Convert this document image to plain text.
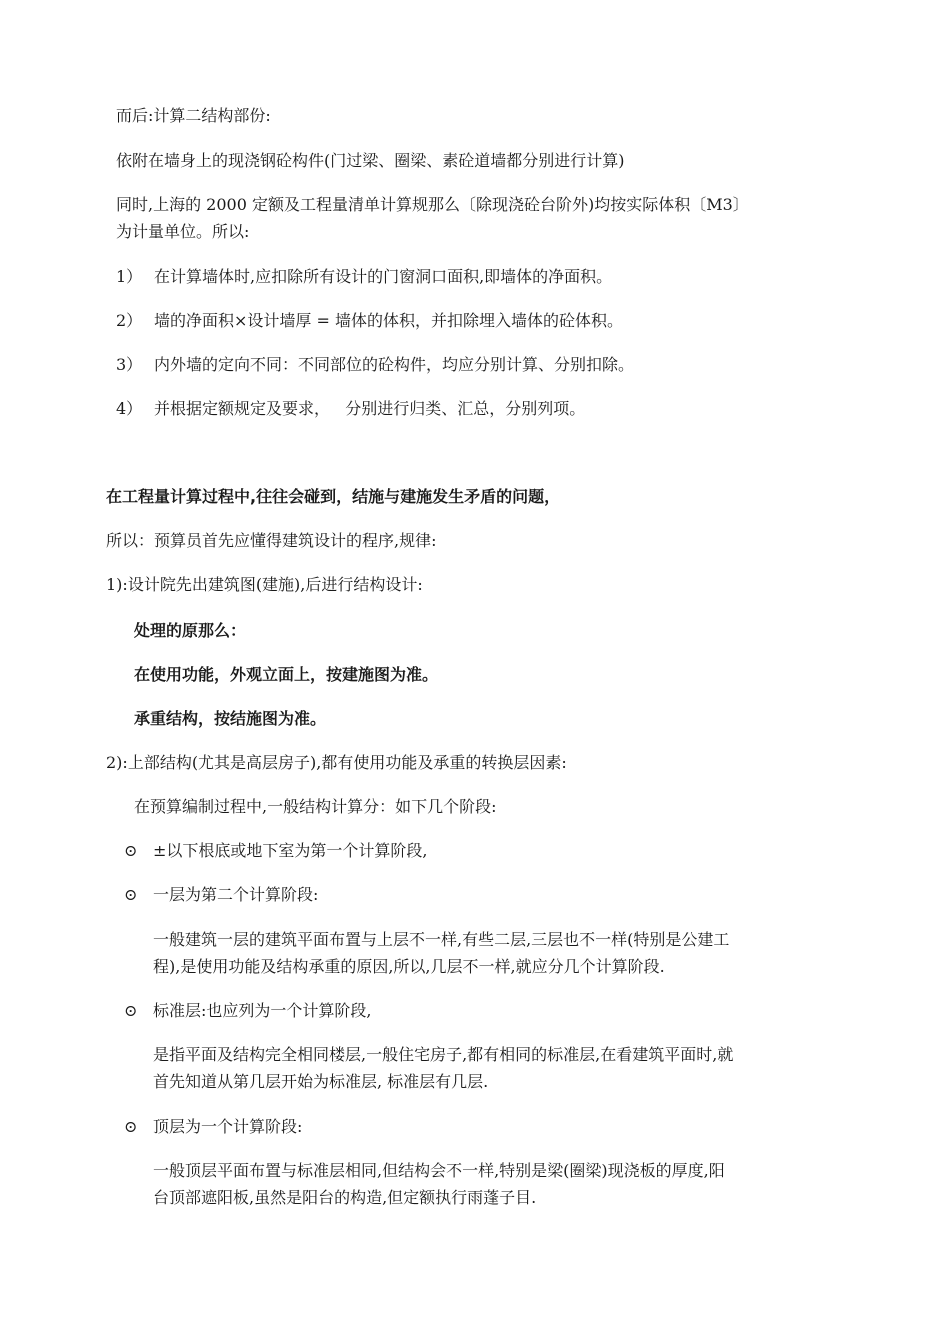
而后:计算二结构部份:
依附在墙身上的现浇钢砼构件(门过梁、圈梁、素砼道墙都分别进行计算)
同时,上海的 2000 定额及工程量清单计算规那么〔除现浇砼台阶外)均按实际体积〔M3〕
为计量单位。所以:
1） 在计算墙体时,应扣除所有设计的门窗洞口面积,即墙体的净面积。
2） 墙的净面积×设计墙厚 = 墙体的体积，并扣除埋入墙体的砼体积。
3） 内外墙的定向不同：不同部位的砼构件，均应分别计算、分别扣除。
4） 并根据定额规定及要求，   分别进行归类、汇总，分别列项。
在工程量计算过程中,往往会碰到，结施与建施发生矛盾的问题，
所以：预算员首先应懂得建筑设计的程序,规律:
1):设计院先出建筑图(建施),后进行结构设计:
处理的原那么：
在使用功能，外观立面上，按建施图为准。
承重结构，按结施图为准。
2):上部结构(尤其是高层房子),都有使用功能及承重的转换层因素:
在预算编制过程中,一般结构计算分：如下几个阶段:
⊙ ±以下根底或地下室为第一个计算阶段,
⊙ 一层为第二个计算阶段:
一般建筑一层的建筑平面布置与上层不一样,有些二层,三层也不一样(特别是公建工
程),是使用功能及结构承重的原因,所以,几层不一样,就应分几个计算阶段.
⊙ 标准层:也应列为一个计算阶段,
是指平面及结构完全相同楼层,一般住宅房子,都有相同的标准层,在看建筑平面时,就
首先知道从第几层开始为标准层, 标准层有几层.
⊙ 顶层为一个计算阶段:
一般顶层平面布置与标准层相同,但结构会不一样,特别是梁(圈梁)现浇板的厚度,阳
台顶部遮阳板,虽然是阳台的构造,但定额执行雨蓬子目.
